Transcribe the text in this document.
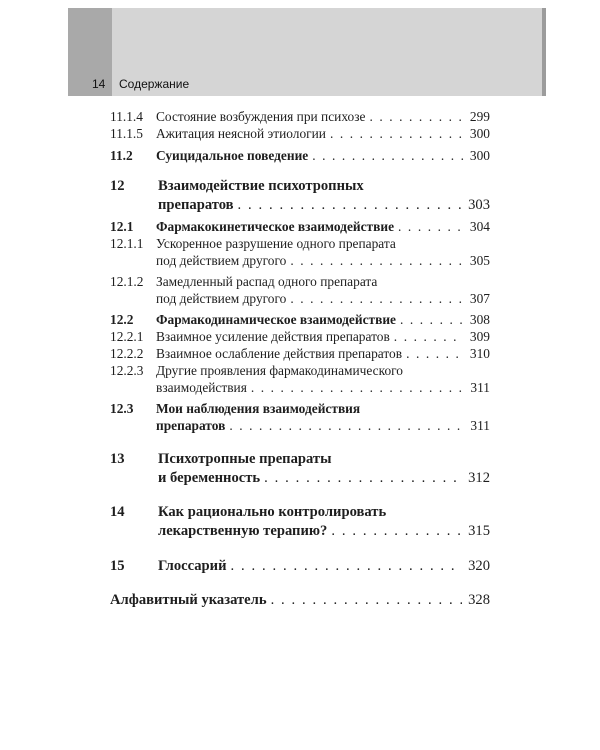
14 Содержание
11.1.4 Состояние возбуждения при психозе . . .	299
11.1.5 Ажитация неясной этиологии . . .	300
11.2	Суицидальное поведение . . .	300
12	Взаимодействие психотропных
препаратов . . .	303
12.1	Фармакокинетическое взаимодействие . . .	304
12.1.1 Ускоренное разрушение одного препарата
под действием другого . . .	305
12.1.2 Замедленный распад одного препарата
под действием другого . . .	307
12.2	Фармакодинамическое взаимодействие . . .	308
12.2.1 Взаимное усиление действия препаратов . . .	309
12.2.2 Взаимное ослабление действия препаратов . . .	310
12.2.3 Другие проявления фармакодинамического
взаимодействия . . .	311
12.3	Мои наблюдения взаимодействия
препаратов . . .	311
13	Психотропные препараты
и беременность . . .	312
14	Как рационально контролировать
лекарственную терапию? . . .	315
15	Глоссарий . . .	320
Алфавитный указатель . . .	328
